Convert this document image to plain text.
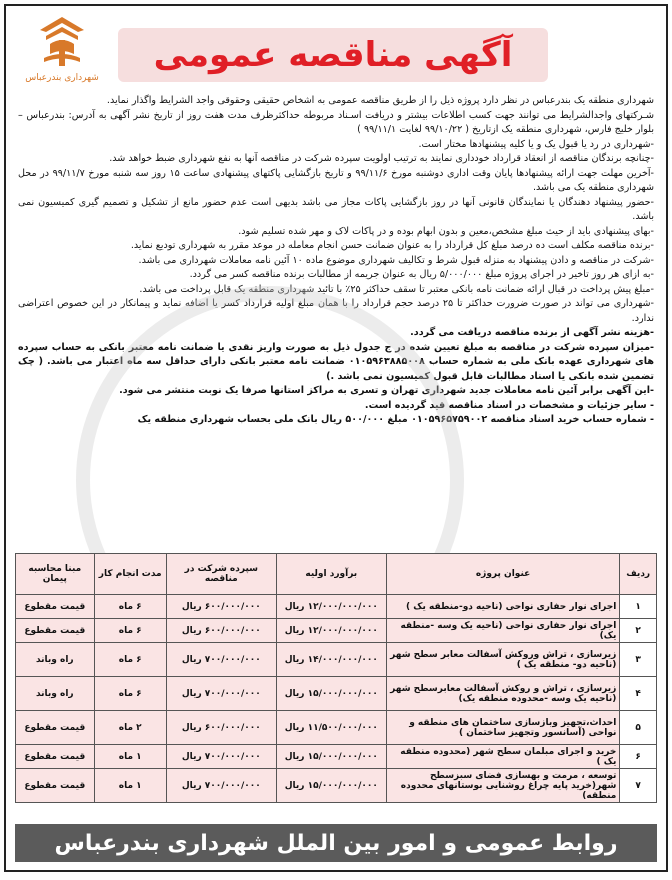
آگهی مناقصه عمومی
شهرداری بندرعباس

شهرداری منطقه یک بندرعباس در نظر دارد پروژه ذیل را از طریق مناقصه عمومی به اشخاص حقیقی وحقوقی واجد الشرایط واگذار نماید.

شـرکتهای واجدالشرایط می توانند جهت کسب اطلاعات بیشتر و دریافت اسـناد مربوطه حداکثرظرف مدت هفت روز از تاریخ نشر آگهی به آدرس: بندرعباس –بلوار خلیج فارس، شهرداری منطقه یک ازتاریخ ( ۹۹/۱۰/۲۲ لغایت ۹۹/۱۱/۱ )

-شهرداری در رد یا قبول یک و یا کلیه پیشنهادها مختار است.

-چنانچه برندگان مناقصه از انعقاد قرارداد خودداری نمایند به ترتیب اولویت سپرده شرکت در مناقصه آنها به نفع شهرداری ضبط خواهد شد.

-آخرین مهلت جهت ارائه پیشنهادها پایان وقت اداری دوشنبه مورخ ۹۹/۱۱/۶ و تاریخ بازگشایی پاکتهای پیشنهادی ساعت ۱۵ روز سه شنبه مورخ ۹۹/۱۱/۷ در محل شهرداری منطقه یک می باشد.

-حضور پیشنهاد دهندگان یا نمایندگان قانونی آنها در روز بازگشایی پاکات مجاز می باشد بدیهی است عدم حضور مانع از تشکیل و تصمیم گیری کمیسیون نمی باشد.

-بهای پیشنهادی باید از حیث مبلغ مشخص،معین و بدون ابهام بوده و در پاکات لاک و مهر شده تسلیم شود.

-برنده مناقصه مکلف است ده درصد مبلغ کل قرارداد را به عنوان ضمانت حسن انجام معامله در موعد مقرر به شهرداری تودیع نماید.

-شرکت در مناقصه و دادن پیشنهاد به منزله قبول شرط و تکالیف شهرداری موضوع ماده ۱۰ آئین نامه معاملات شهرداری می باشد.

-به ازای هر روز تاخیر در اجرای پروژه مبلغ ۵/۰۰۰/۰۰۰ ریال به عنوان جریمه از مطالبات برنده مناقصه کسر می گردد.

-مبلغ پیش پرداخت در قبال ارائه ضمانت نامه بانکی معتبر تا سقف حداکثر ۲۵٪ با تائید شهرداری منطقه یک قابل پرداخت می باشد.

-شهرداری می تواند در صورت ضرورت حداکثر تا ۲۵ درصد حجم قرارداد را با همان مبلغ اولیه قرارداد کسر یا اضافه نماید و پیمانکار در این خصوص اعتراضی ندارد.

-هزینه نشر آگهی از برنده مناقصه دریافت می گردد.

-میزان سپرده شرکت در مناقصه به مبلغ تعیین شده در ج جدول ذیل به صورت واریز نقدی یا ضمانت نامه معتبر بانکی به حساب سپرده های شهرداری عهده بانک ملی به شماره حساب ۰۱۰۵۹۶۳۸۸۵۰۰۸ ضمانت نامه معتبر بانکی دارای حداقل سه ماه اعتبار می باشد. ( چک تضمین شده بانکی یا اسناد مطالبات قابل قبول کمیسیون نمی باشد .)

-این آگهی برابر آئین نامه معاملات جدید شهرداری تهران و تسری به مراکز استانها صرفا یک نوبت منتشر می شود.

- سایر جزئیات و مشخصات در اسناد مناقصه قید گردیده است.

- شماره حساب خرید اسناد مناقصه ۰۱۰۵۹۶۵۷۵۹۰۰۲ مبلغ ۵۰۰/۰۰۰ ریال بانک ملی بحساب شهرداری منطقه یک

ردیف	عنوان پروژه	برآورد اولیه	سپرده شرکت در مناقصه	مدت انجام کار	مبنا محاسبه پیمان
۱	اجرای نوار حفاری نواحی (ناحیه دو-منطقه یک )	۱۲/۰۰۰/۰۰۰/۰۰۰ ریال	۶۰۰/۰۰۰/۰۰۰ ریال	۶ ماه	قیمت مقطوع
۲	اجرای نوار حفاری نواحی (ناحیه یک وسه -منطقه یک)	۱۲/۰۰۰/۰۰۰/۰۰۰ ریال	۶۰۰/۰۰۰/۰۰۰ ریال	۶ ماه	قیمت مقطوع
۳	زیرسازی ، تراش وروکش آسفالت معابر سطح شهر (ناحیه دو- منطقه یک )	۱۴/۰۰۰/۰۰۰/۰۰۰ ریال	۷۰۰/۰۰۰/۰۰۰ ریال	۶ ماه	راه وباند
۴	زیرسازی ، تراش و روکش آسفالت معابرسطح شهر (ناحیه یک وسه -محدوده منطقه یک)	۱۵/۰۰۰/۰۰۰/۰۰۰ ریال	۷۰۰/۰۰۰/۰۰۰ ریال	۶ ماه	راه وباند
۵	احداث،تجهیز وبازسازی ساختمان های منطقه و نواحی (آسانسور وتجهیز ساختمان )	۱۱/۵۰۰/۰۰۰/۰۰۰ ریال	۶۰۰/۰۰۰/۰۰۰ ریال	۲ ماه	قیمت مقطوع
۶	خرید و اجرای مبلمان سطح شهر (محدوده منطقه یک )	۱۵/۰۰۰/۰۰۰/۰۰۰ ریال	۷۰۰/۰۰۰/۰۰۰ ریال	۱ ماه	قیمت مقطوع
۷	توسعه ، مرمت و بهسازی فضای سبزسطح شهر(خرید پایه چراغ روشنایی بوستانهای محدوده منطقه)	۱۵/۰۰۰/۰۰۰/۰۰۰ ریال	۷۰۰/۰۰۰/۰۰۰ ریال	۱ ماه	قیمت مقطوع
روابط عمومی و امور بین الملل شهرداری بندرعباس
